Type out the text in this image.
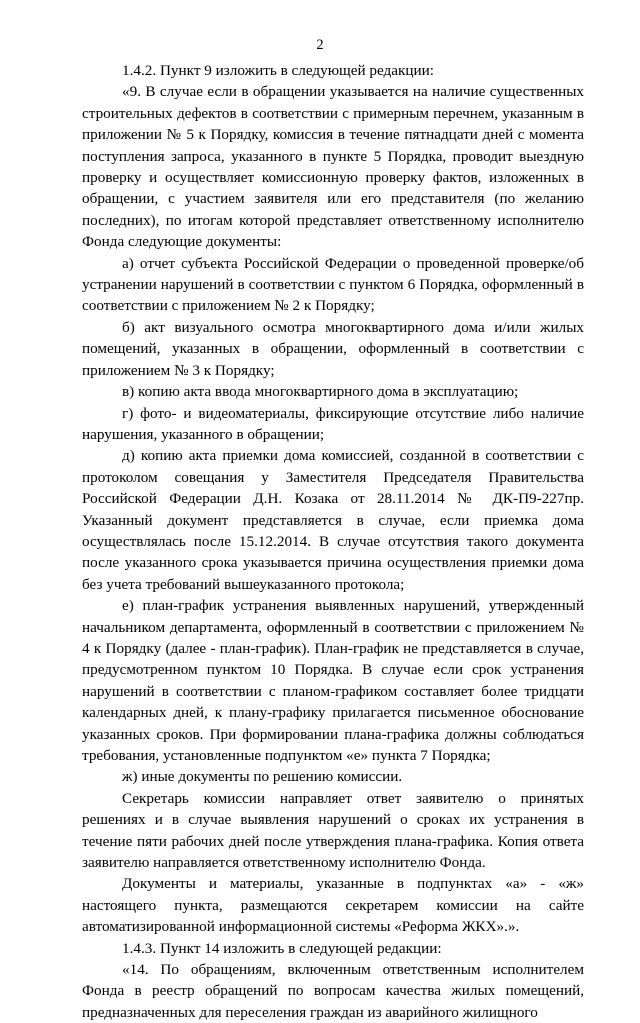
2

1.4.2. Пункт 9 изложить в следующей редакции:

«9. В случае если в обращении указывается на наличие существенных строительных дефектов в соответствии с примерным перечнем, указанным в приложении № 5 к Порядку, комиссия в течение пятнадцати дней с момента поступления запроса, указанного в пункте 5 Порядка, проводит выездную проверку и осуществляет комиссионную проверку фактов, изложенных в обращении, с участием заявителя или его представителя (по желанию последних), по итогам которой представляет ответственному исполнителю Фонда следующие документы:

а) отчет субъекта Российской Федерации о проведенной проверке/об устранении нарушений в соответствии с пунктом 6 Порядка, оформленный в соответствии с приложением № 2 к Порядку;

б) акт визуального осмотра многоквартирного дома и/или жилых помещений, указанных в обращении, оформленный в соответствии с приложением № 3 к Порядку;

в) копию акта ввода многоквартирного дома в эксплуатацию;

г) фото- и видеоматериалы, фиксирующие отсутствие либо наличие нарушения, указанного в обращении;

д) копию акта приемки дома комиссией, созданной в соответствии с протоколом совещания у Заместителя Председателя Правительства Российской Федерации Д.Н. Козака от 28.11.2014 № ДК-П9-227пр. Указанный документ представляется в случае, если приемка дома осуществлялась после 15.12.2014. В случае отсутствия такого документа после указанного срока указывается причина осуществления приемки дома без учета требований вышеуказанного протокола;

е) план-график устранения выявленных нарушений, утвержденный начальником департамента, оформленный в соответствии с приложением № 4 к Порядку (далее - план-график). План-график не представляется в случае, предусмотренном пунктом 10 Порядка. В случае если срок устранения нарушений в соответствии с планом-графиком составляет более тридцати календарных дней, к плану-графику прилагается письменное обоснование указанных сроков. При формировании плана-графика должны соблюдаться требования, установленные подпунктом «е» пункта 7 Порядка;

ж) иные документы по решению комиссии.

Секретарь комиссии направляет ответ заявителю о принятых решениях и в случае выявления нарушений о сроках их устранения в течение пяти рабочих дней после утверждения плана-графика. Копия ответа заявителю направляется ответственному исполнителю Фонда.

Документы и материалы, указанные в подпунктах «а» - «ж» настоящего пункта, размещаются секретарем комиссии на сайте автоматизированной информационной системы «Реформа ЖКХ».».

1.4.3. Пункт 14 изложить в следующей редакции:

«14. По обращениям, включенным ответственным исполнителем Фонда в реестр обращений по вопросам качества жилых помещений, предназначенных для переселения граждан из аварийного жилищного
